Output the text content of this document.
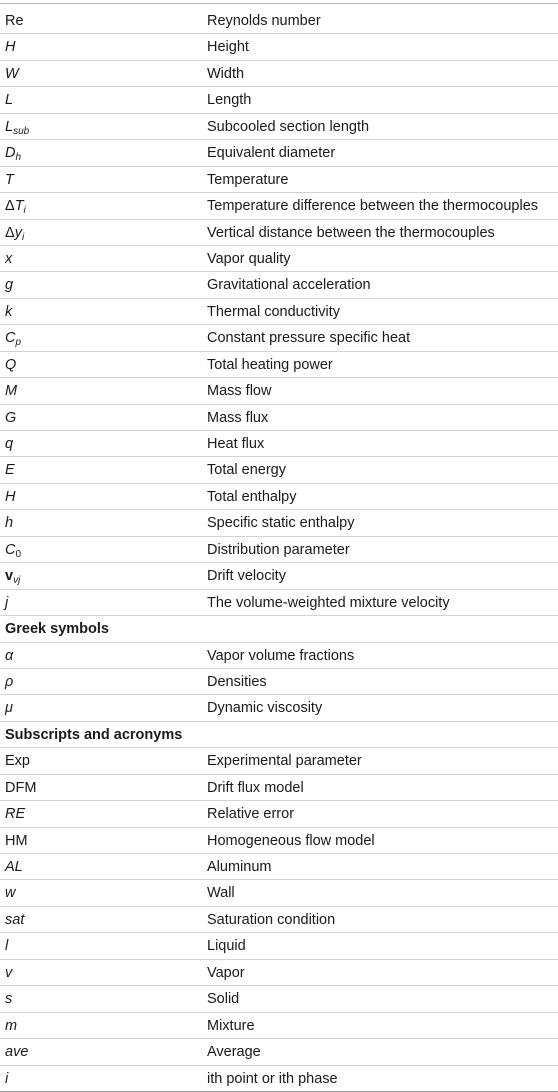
Re	Reynolds number
H	Height
W	Width
L	Length
$L_{sub}$	Subcooled section length
$D_h$	Equivalent diameter
T	Temperature
$\Delta T_i$	Temperature difference between the thermocouples
$\Delta y_i$	Vertical distance between the thermocouples
x	Vapor quality
g	Gravitational acceleration
k	Thermal conductivity
$C_p$	Constant pressure specific heat
Q	Total heating power
M	Mass flow
G	Mass flux
q	Heat flux
E	Total energy
H	Total enthalpy
h	Specific static enthalpy
$C_0$	Distribution parameter
$v_{vj}$	Drift velocity
j	The volume-weighted mixture velocity
Greek symbols
α	Vapor volume fractions
ρ	Densities
μ	Dynamic viscosity
Subscripts and acronyms
Exp	Experimental parameter
DFM	Drift flux model
RE	Relative error
HM	Homogeneous flow model
AL	Aluminum
w	Wall
sat	Saturation condition
l	Liquid
v	Vapor
s	Solid
m	Mixture
ave	Average
i	ith point or ith phase
